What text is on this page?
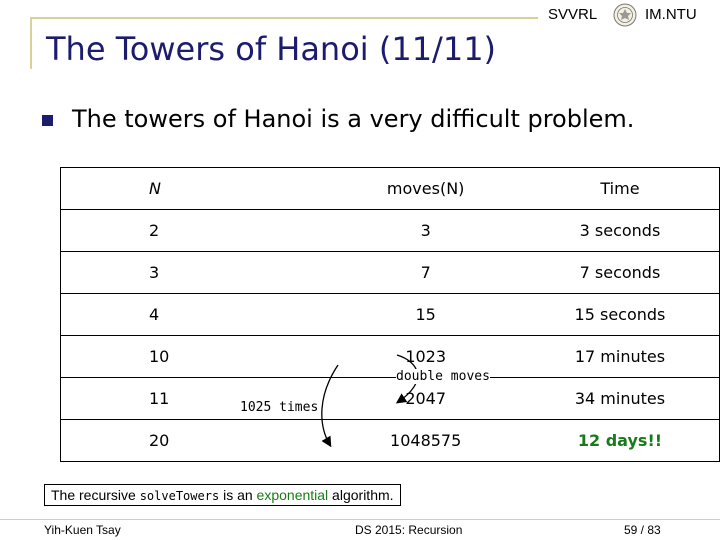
SVVRL	IM.NTU
The Towers of Hanoi (11/11)
The towers of Hanoi is a very difficult problem.
N	moves(N)	Time
2	3	3 seconds
3	7	7 seconds
4	15	15 seconds
10	1023	17 minutes
11	2047	34 minutes
20	1048575	12 days!!
double moves
1025 times
The recursive solveTowers is an exponential algorithm.
Yih-Kuen Tsay	DS 2015: Recursion	59 / 83
